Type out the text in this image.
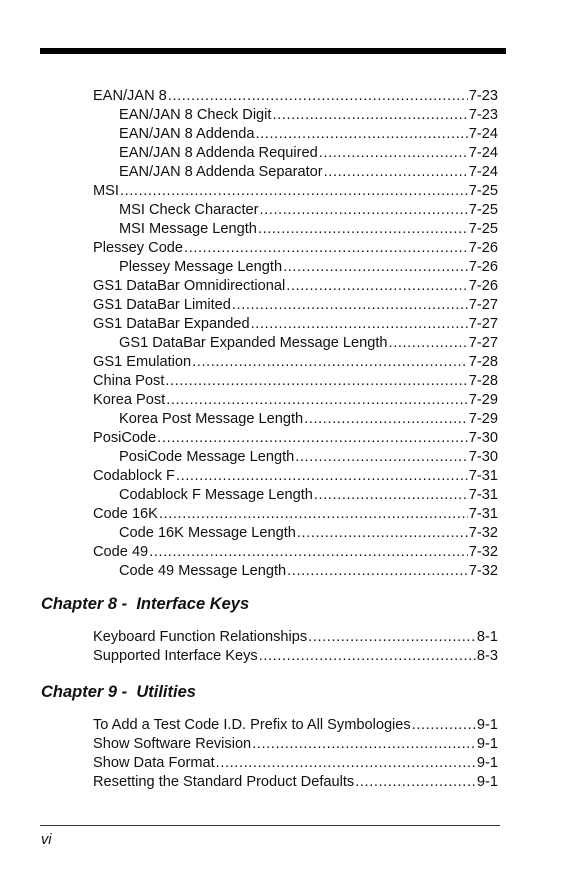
EAN/JAN 8 .....	7-23
EAN/JAN 8 Check Digit .....	7-23
EAN/JAN 8 Addenda .....	7-24
EAN/JAN 8 Addenda Required .....	7-24
EAN/JAN 8 Addenda Separator .....	7-24
MSI .....	7-25
MSI Check Character .....	7-25
MSI Message Length .....	7-25
Plessey Code .....	7-26
Plessey Message Length .....	7-26
GS1 DataBar Omnidirectional .....	7-26
GS1 DataBar Limited .....	7-27
GS1 DataBar Expanded .....	7-27
GS1 DataBar Expanded Message Length .....	7-27
GS1 Emulation .....	7-28
China Post .....	7-28
Korea Post .....	7-29
Korea Post Message Length .....	7-29
PosiCode .....	7-30
PosiCode Message Length .....	7-30
Codablock F .....	7-31
Codablock F Message Length .....	7-31
Code 16K .....	7-31
Code 16K Message Length .....	7-32
Code 49 .....	7-32
Code 49 Message Length .....	7-32
Chapter 8 -  Interface Keys
Keyboard Function Relationships .....	8-1
Supported Interface Keys .....	8-3
Chapter 9 -  Utilities
To Add a Test Code I.D. Prefix to All Symbologies .....	9-1
Show Software Revision .....	9-1
Show Data Format .....	9-1
Resetting the Standard Product Defaults .....	9-1
vi
